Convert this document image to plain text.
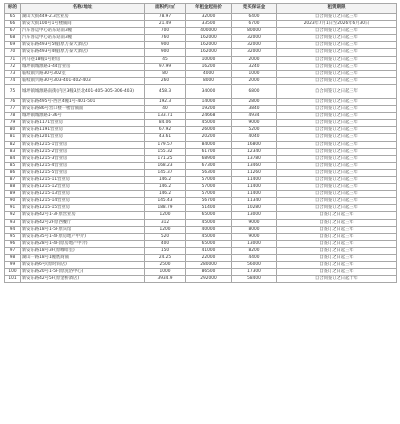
标的	名称/地址	面积约/㎡	年租金起拍价	竞买保证金	租赁期限
65	湖山大街449-2.3营业房	78.97	32000	6400	自合同签订之日起三年
66	新安大街100号1号楼铺间	21.49	33500	6700	2023年7月1日至2026年6月30日
67	汽车客运中心站东站南3幢	700	400000	80000	自合同签订之日起三年
68	汽车客运中心站东站南3幢	760	162000	32000	自合同签订之日起三年
69	新安东路493号5幢(原万泰大酒店)	900	162000	32000	自合同签订之日起三年
70	新安东路493号4幢(原万泰大酒店)	900	162000	32000	自合同签订之日起三年
71	丙马巷18幢1号附房	45	10000	2000	自合同签订之日起三年
72	城坪镇城源路1-44营业房	97.99	16200	3240	自合同签订之日起三年
73	临岐镇兴路30号302室	80	4000	1000	自合同签订之日起三年
74	临岐镇兴路30号303-401-402-403	260	8000	2000	自合同签订之日起三年
75	城坪镇城源路南街(内区3幢3层北401-405-305-306-403)	458.3	34000	6800	自合同签订之日起三年
76	新安东路495号-西区4幢1号-401-501	192.3	14000	2800	自合同签订之日起三年
77	新安东路86号营口楼一楼营铺面	40	19200	3840	自合同签订之日起三年
78	城坪镇城源路1-36号	133.71	24668	4934	自合同签订之日起三年
79	新安东路1171营业房	84.06	45000	9000	自合同签订之日起三年
80	新安东路1191营业房	67.92	26000	5200	自合同签订之日起三年
81	新安东路1201营业房	43.61	20200	4040	自合同签订之日起三年
82	新安东路1215-1营业房	179.57	84000	16800	自合同签订之日起三年
83	新安东路1215-2营业房	155.32	61700	12340	自合同签订之日起三年
84	新安东路1215-3营业房	171.25	68900	13780	自合同签订之日起三年
85	新安东路1215-4营业房	168.23	67300	13460	自合同签订之日起三年
86	新安东路1215-5营业房	145.37	56300	11260	自合同签订之日起三年
87	新安东路1215-11营业房	146.2	57000	11400	自合同签订之日起三年
88	新安东路1215-12营业房	146.2	57000	11400	自合同签订之日起三年
89	新安东路1215-13营业房	146.2	57000	11400	自合同签订之日起三年
90	新安东路1215-14营业房	145.43	56700	11340	自合同签订之日起三年
91	新安东路1215-15营业房	188.79	51400	10280	自合同签订之日起三年
92	新安东路42号1-3F原营业房	1200	65000	13000	自签订之日起三年
93	新安东路42号2F原西餐厅	312	45000	9000	自签订之日起三年
94	新安东路18号1-5F原宾馆	1200	40000	8000	自签订之日起三年
95	新安东路35号1-4F原房地产中介)	520	45000	9000	自签订之日起三年
96	新安东路28号1-4F(原房地产中介)	400	65000	13000	自签订之日起三年
97	新安东路18号3F(原咖啡室)	150	41000	8200	自签订之日起三年
98	湖山一路18号1幢底商铺	24.25	22000	4400	自签订之日起三年
99	新安东路6号(原时尚店)	2500	280000	56000	自签订之日起三年
100	新安东路20号1-5F(原洗浴中心)	1000	86500	17300	自签订之日起三年
101	新安东路42号5F(原金桥酒店)	3934.9	292000	58400	自合同签订之日起十年
